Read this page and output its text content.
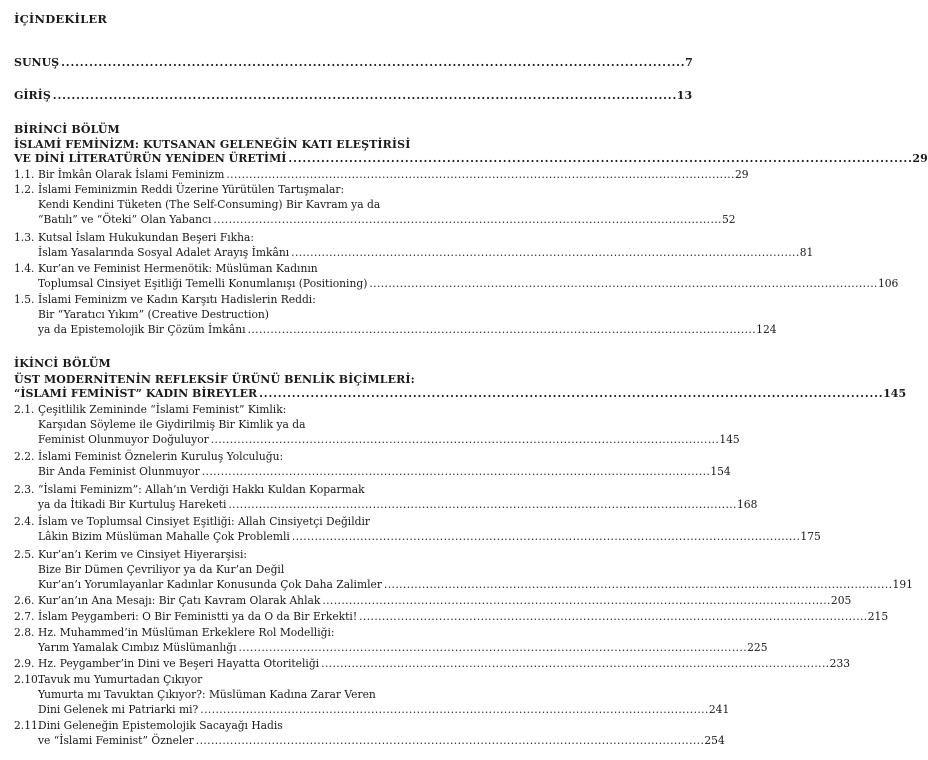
İÇİNDEKİLER
SUNUŞ . . .	7
GİRİŞ . . .	13
BİRİNCİ BÖLÜM
İSLAMİ FEMİNİZM: KUTSANAN GELENEĞİN KATI ELEŞTİRİSİ
VE DİNİ LİTERATÜRÜN YENİDEN ÜRETİMİ . . .	29
1.1. Bir İmkân Olarak İslami Feminizm . . .	29
1.2. İslami Feminizmin Reddi Üzerine Yürütülen Tartışmalar:
Kendi Kendini Tüketen (The Self-Consuming) Bir Kavram ya da
“Batılı” ve “Öteki” Olan Yabancı . . .	52
1.3. Kutsal İslam Hukukundan Beşeri Fıkha:
İslam Yasalarında Sosyal Adalet Arayış İmkânı . . .	81
1.4. Kur’an ve Feminist Hermenötik: Müslüman Kadının
Toplumsal Cinsiyet Eşitliği Temelli Konumlanışı (Positioning) . . .	106
1.5. İslami Feminizm ve Kadın Karşıtı Hadislerin Reddi:
Bir “Yaratıcı Yıkım” (Creative Destruction)
ya da Epistemolojik Bir Çözüm İmkânı . . .	124
İKİNCİ BÖLÜM
ÜST MODERNİTENİN REFLEKSİF ÜRÜNÜ BENLİK BİÇİMLERİ:
“İSLAMİ FEMİNİST” KADIN BİREYLER . . .	145
2.1. Çeşitlilik Zemininde “İslami Feminist” Kimlik:
Karşıdan Söyleme ile Giydirilmiş Bir Kimlik ya da
Feminist Olunmuyor Doğuluyor . . .	145
2.2. İslami Feminist Öznelerin Kuruluş Yolculuğu:
Bir Anda Feminist Olunmuyor . . .	154
2.3. “İslami Feminizm”: Allah’ın Verdiği Hakkı Kuldan Koparmak
ya da İtikadi Bir Kurtuluş Hareketi . . .	168
2.4. İslam ve Toplumsal Cinsiyet Eşitliği: Allah Cinsiyetçi Değildir
Lâkin Bizim Müslüman Mahalle Çok Problemli . . .	175
2.5. Kur’an’ı Kerim ve Cinsiyet Hiyerarşisi:
Bize Bir Dümen Çevriliyor ya da Kur’an Değil
Kur’an’ı Yorumlayanlar Kadınlar Konusunda Çok Daha Zalimler . . .	191
2.6. Kur’an’ın Ana Mesajı: Bir Çatı Kavram Olarak Ahlak . . .	205
2.7. İslam Peygamberi: O Bir Feministti ya da O da Bir Erkekti! . . .	215
2.8. Hz. Muhammed’in Müslüman Erkeklere Rol Modelliği:
Yarım Yamalak Cımbız Müslümanlığı . . .	225
2.9. Hz. Peygamber’in Dini ve Beşeri Hayatta Otoriteliği . . .	233
2.10.Tavuk mu Yumurtadan Çıkıyor
Yumurta mı Tavuktan Çıkıyor?: Müslüman Kadına Zarar Veren
Dini Gelenek mi Patriarki mi? . . .	241
2.11.Dini Geleneğin Epistemolojik Sacayağı Hadis
ve “İslami Feminist” Özneler . . .	254
